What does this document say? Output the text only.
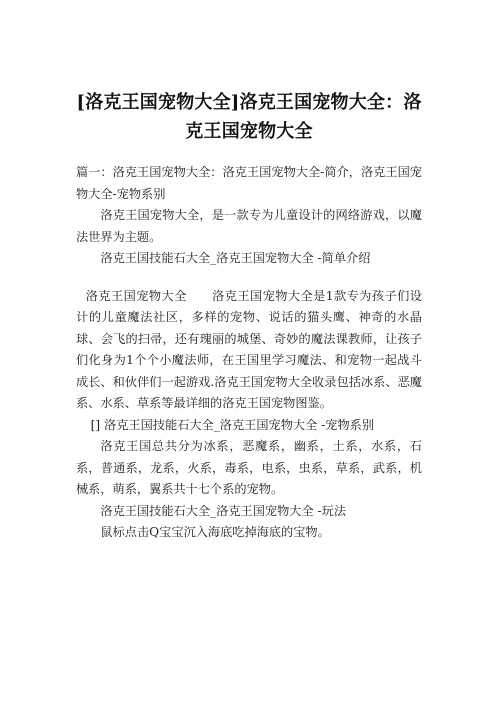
[洛克王国宠物大全]洛克王国宠物大全：洛
克王国宠物大全

篇一：洛克王国宠物大全：洛克王国宠物大全-简介，洛克王国宠物大全-宠物系别

洛克王国宠物大全，是一款专为儿童设计的网络游戏，以魔法世界为主题。

洛克王国技能石大全_洛克王国宠物大全 -简单介绍

洛克王国宠物大全　　洛克王国宠物大全是1款专为孩子们设计的儿童魔法社区，多样的宠物、说话的猫头鹰、神奇的水晶球、会飞的扫帚，还有瑰丽的城堡、奇妙的魔法课教师，让孩子们化身为1个个小魔法师，在王国里学习魔法、和宠物一起战斗成长、和伙伴们一起游戏.洛克王国宠物大全收录包括冰系、恶魔系、水系、草系等最详细的洛克王国宠物图鉴。

[] 洛克王国技能石大全_洛克王国宠物大全 -宠物系别

洛克王国总共分为冰系，恶魔系，幽系，土系，水系，石系，普通系，龙系，火系，毒系，电系，虫系，草系，武系，机械系，萌系，翼系共十七个系的宠物。

洛克王国技能石大全_洛克王国宠物大全 -玩法

鼠标点击Q宝宝沉入海底吃掉海底的宝物。
